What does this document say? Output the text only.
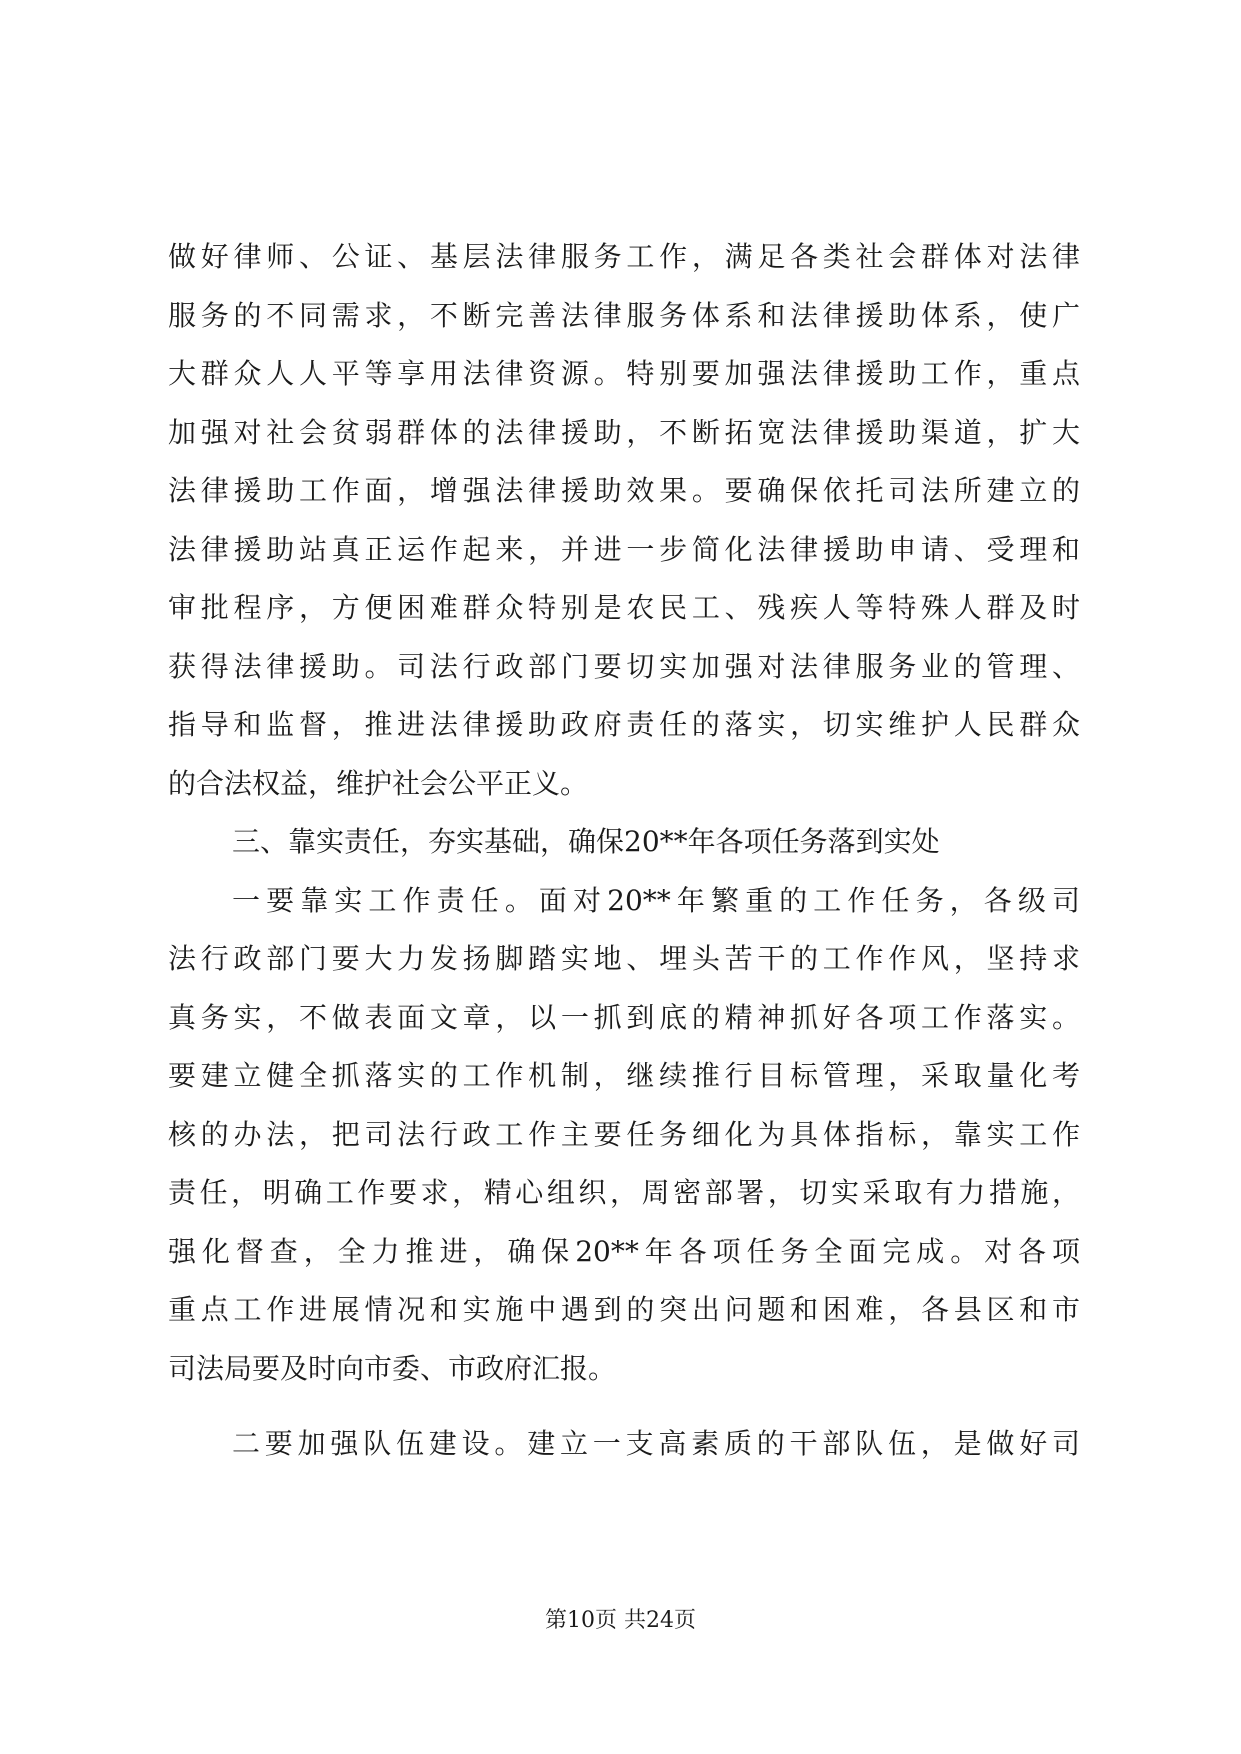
做好律师、公证、基层法律服务工作，满足各类社会群体对法律
服务的不同需求，不断完善法律服务体系和法律援助体系，使广
大群众人人平等享用法律资源。特别要加强法律援助工作，重点
加强对社会贫弱群体的法律援助，不断拓宽法律援助渠道，扩大
法律援助工作面，增强法律援助效果。要确保依托司法所建立的
法律援助站真正运作起来，并进一步简化法律援助申请、受理和
审批程序，方便困难群众特别是农民工、残疾人等特殊人群及时
获得法律援助。司法行政部门要切实加强对法律服务业的管理、
指导和监督，推进法律援助政府责任的落实，切实维护人民群众
的合法权益，维护社会公平正义。
三、靠实责任，夯实基础，确保20**年各项任务落到实处
一要靠实工作责任。面对20**年繁重的工作任务，各级司
法行政部门要大力发扬脚踏实地、埋头苦干的工作作风，坚持求
真务实，不做表面文章，以一抓到底的精神抓好各项工作落实。
要建立健全抓落实的工作机制，继续推行目标管理，采取量化考
核的办法，把司法行政工作主要任务细化为具体指标，靠实工作
责任，明确工作要求，精心组织，周密部署，切实采取有力措施，
强化督查，全力推进，确保20**年各项任务全面完成。对各项
重点工作进展情况和实施中遇到的突出问题和困难，各县区和市
司法局要及时向市委、市政府汇报。
二要加强队伍建设。建立一支高素质的干部队伍，是做好司
第10页 共24页
